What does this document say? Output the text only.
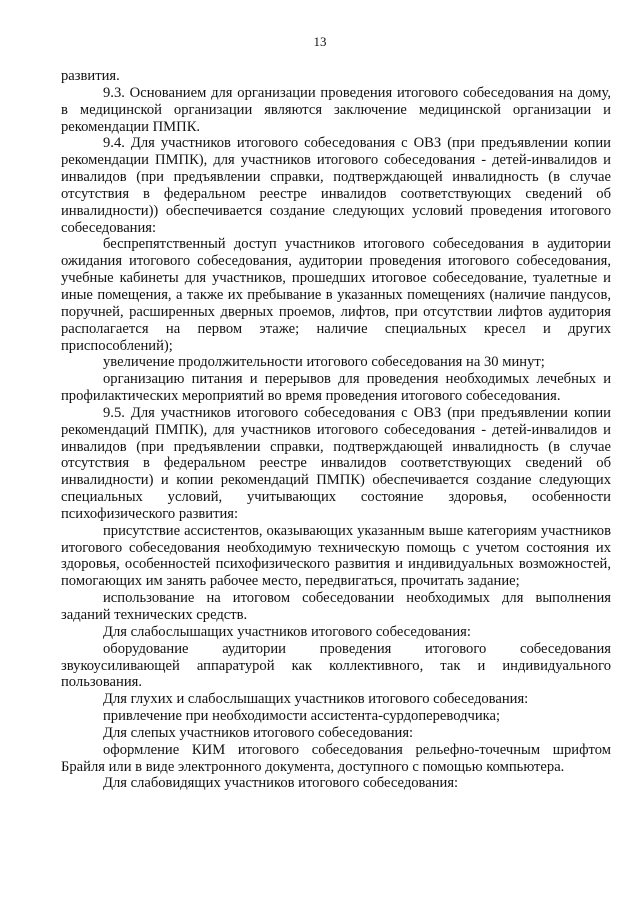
13

развития.

9.3. Основанием для организации проведения итогового собеседования на дому, в медицинской организации являются заключение медицинской организации и рекомендации ПМПК.

9.4. Для участников итогового собеседования с ОВЗ (при предъявлении копии рекомендации ПМПК), для участников итогового собеседования - детей-инвалидов и инвалидов (при предъявлении справки, подтверждающей инвалидность (в случае отсутствия в федеральном реестре инвалидов соответствующих сведений об инвалидности)) обеспечивается создание следующих условий проведения итогового собеседования:

беспрепятственный доступ участников итогового собеседования в аудитории ожидания итогового собеседования, аудитории проведения итогового собеседования, учебные кабинеты для участников, прошедших итоговое собеседование, туалетные и иные помещения, а также их пребывание в указанных помещениях (наличие пандусов, поручней, расширенных дверных проемов, лифтов, при отсутствии лифтов аудитория располагается на первом этаже; наличие специальных кресел и других приспособлений);

увеличение продолжительности итогового собеседования на 30 минут;

организацию питания и перерывов для проведения необходимых лечебных и профилактических мероприятий во время проведения итогового собеседования.

9.5. Для участников итогового собеседования с ОВЗ (при предъявлении копии рекомендаций ПМПК), для участников итогового собеседования - детей-инвалидов и инвалидов (при предъявлении справки, подтверждающей инвалидность (в случае отсутствия в федеральном реестре инвалидов соответствующих сведений об инвалидности) и копии рекомендаций ПМПК) обеспечивается создание следующих специальных условий, учитывающих состояние здоровья, особенности психофизического развития:

присутствие ассистентов, оказывающих указанным выше категориям участников итогового собеседования необходимую техническую помощь с учетом состояния их здоровья, особенностей психофизического развития и индивидуальных возможностей, помогающих им занять рабочее место, передвигаться, прочитать задание;

использование на итоговом собеседовании необходимых для выполнения заданий технических средств.

Для слабослышащих участников итогового собеседования:

оборудование аудитории проведения итогового собеседования звукоусиливающей аппаратурой как коллективного, так и индивидуального пользования.

Для глухих и слабослышащих участников итогового собеседования:

привлечение при необходимости ассистента-сурдопереводчика;

Для слепых участников итогового собеседования:

оформление КИМ итогового собеседования рельефно-точечным шрифтом Брайля или в виде электронного документа, доступного с помощью компьютера.

Для слабовидящих участников итогового собеседования:
